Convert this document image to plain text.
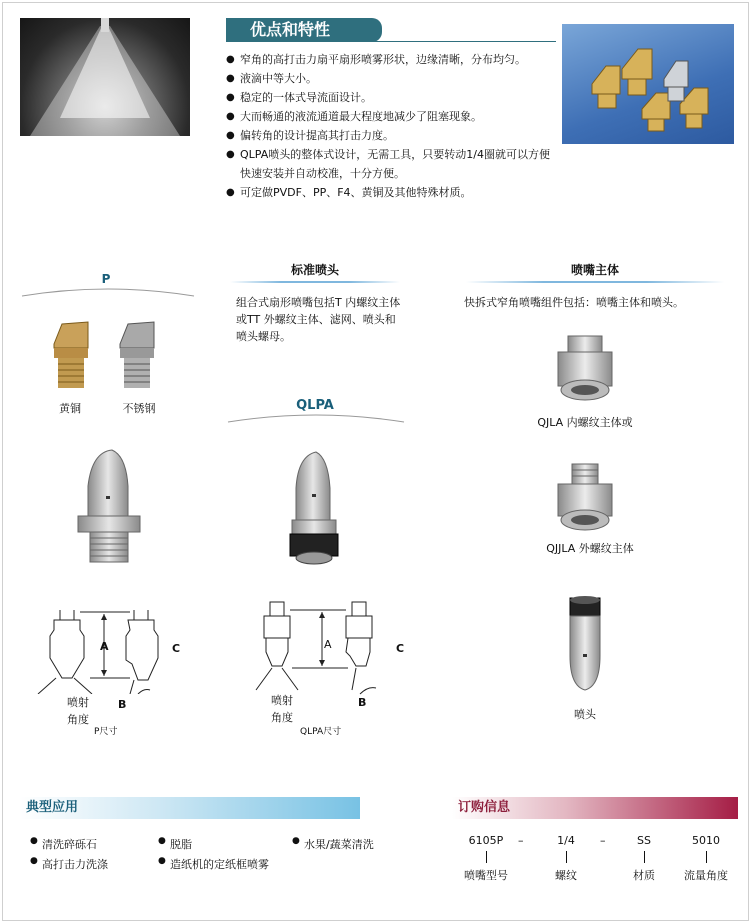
优点和特性
● 窄角的高打击力扇平扇形喷雾形状，边缘清晰，分布均匀。
● 液滴中等大小。
● 稳定的一体式导流面设计。
● 大而畅通的液流通道最大程度地减少了阻塞现象。
● 偏转角的设计提高其打击力度。
● QLPA喷头的整体式设计，无需工具，只要转动1/4圈就可以方便快速安装并自动校准，十分方便。
● 可定做PVDF、PP、F4、黄铜及其他特殊材质。
P
黄铜	不锈钢
A
B
C
喷射
角度
P尺寸
标准喷头
组合式扇形喷嘴包括T 内螺纹主体或TT 外螺纹主体、滤网、喷头和喷头螺母。
QLPA
A
B
C
喷射
角度
QLPA尺寸
喷嘴主体
快拆式窄角喷嘴组件包括：喷嘴主体和喷头。
QJLA 内螺纹主体或
QJJLA 外螺纹主体
喷头
典型应用
● 清洗碎砾石	● 脱脂	● 水果/蔬菜清洗
● 高打击力洗涤	● 造纸机的定纸框喷雾
订购信息
6105P
喷嘴型号
–	1/4
螺纹
–	SS
材质
5010
流量角度
